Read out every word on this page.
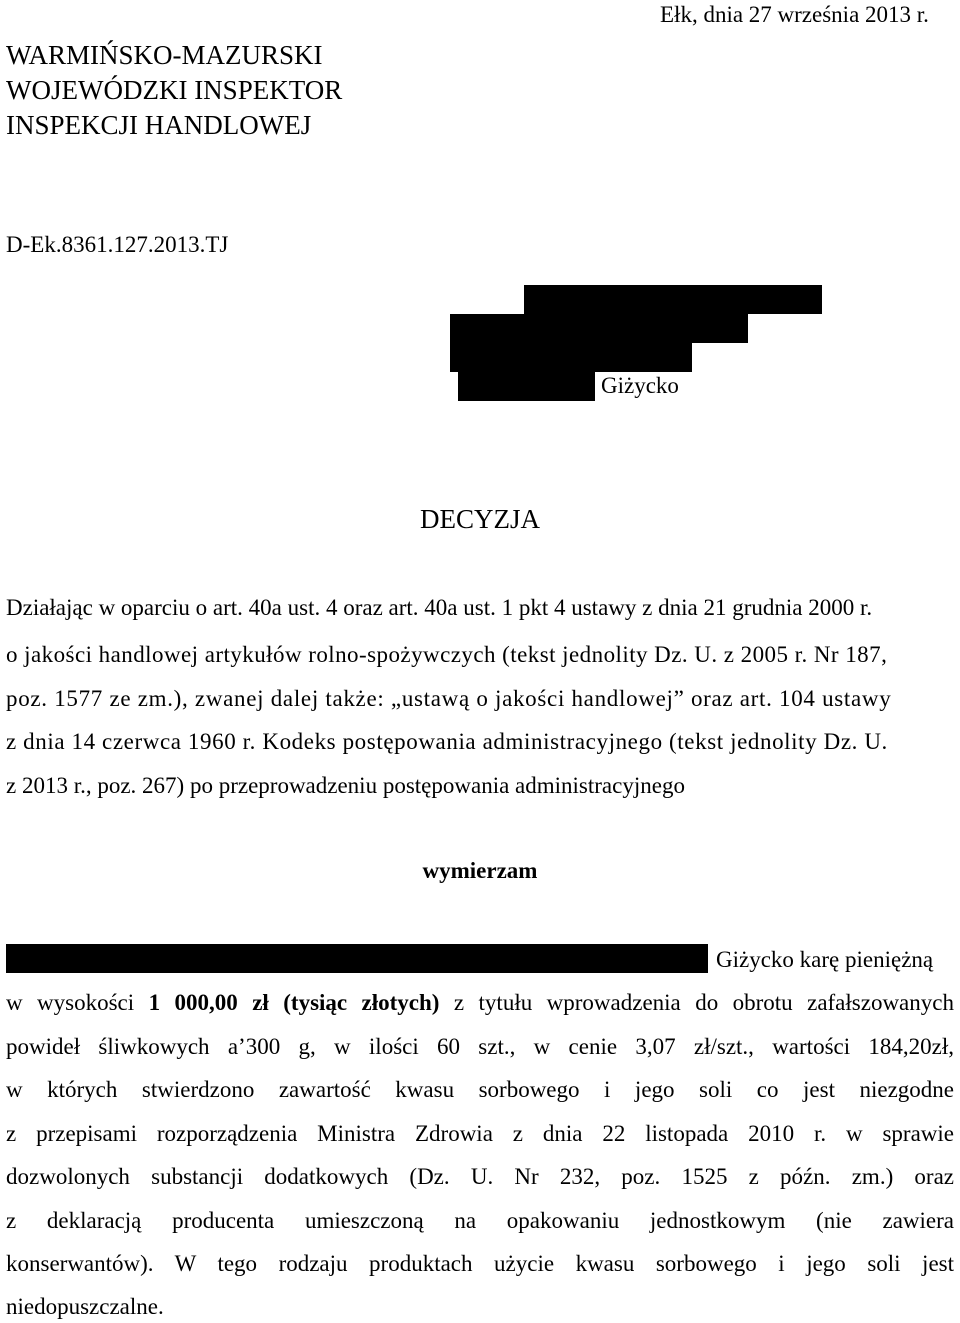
WARMIŃSKO-MAZURSKI
WOJEWÓDZKI INSPEKTOR
INSPEKCJI HANDLOWEJ
Ełk, dnia 27 września 2013 r.
D-Ek.8361.127.2013.TJ
Giżycko
DECYZJA
Działając w oparciu o art. 40a ust. 4 oraz art. 40a ust. 1 pkt 4 ustawy z dnia 21 grudnia 2000 r.
o jakości handlowej artykułów rolno-spożywczych (tekst jednolity Dz. U. z 2005 r. Nr 187,
poz. 1577 ze zm.), zwanej dalej także: „ustawą o jakości handlowej” oraz art. 104 ustawy
z dnia 14 czerwca 1960 r. Kodeks postępowania administracyjnego (tekst jednolity Dz. U.
z 2013 r., poz. 267) po przeprowadzeniu postępowania administracyjnego
wymierzam
Giżycko karę pieniężną
w wysokości 1 000,00 zł (tysiąc złotych) z tytułu wprowadzenia do obrotu zafałszowanych
powideł śliwkowych a’300 g, w ilości 60 szt., w cenie 3,07 zł/szt., wartości 184,20zł,
w których stwierdzono zawartość kwasu sorbowego i jego soli co jest niezgodne
z przepisami rozporządzenia Ministra Zdrowia z dnia 22 listopada 2010 r. w sprawie
dozwolonych substancji dodatkowych (Dz. U. Nr 232, poz. 1525 z późn. zm.) oraz
z deklaracją producenta umieszczoną na opakowaniu jednostkowym (nie zawiera
konserwantów). W tego rodzaju produktach użycie kwasu sorbowego i jego soli jest
niedopuszczalne.
